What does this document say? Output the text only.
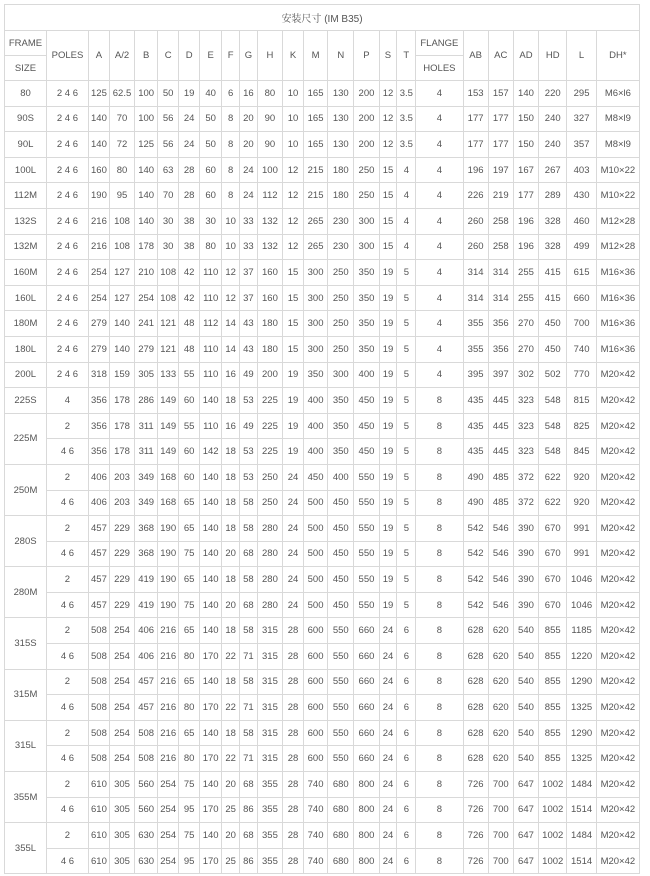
安装尺寸 (IM B35)																							
FRAME	POLES	A	A/2	B	C	D	E	F	G	H	K	M	N	P	S	T	FLANGE	AB	AC	AD	HD	L	DH*
SIZE																	HOLES						
80	2 4 6	125	62.5	100	50	19	40	6	16	80	10	165	130	200	12	3.5	4	153	157	140	220	295	M6×l6
90S	2 4 6	140	70	100	56	24	50	8	20	90	10	165	130	200	12	3.5	4	177	177	150	240	327	M8×l9
90L	2 4 6	140	72	125	56	24	50	8	20	90	10	165	130	200	12	3.5	4	177	177	150	240	357	M8×l9
100L	2 4 6	160	80	140	63	28	60	8	24	100	12	215	180	250	15	4	4	196	197	167	267	403	M10×22
112M	2 4 6	190	95	140	70	28	60	8	24	112	12	215	180	250	15	4	4	226	219	177	289	430	M10×22
132S	2 4 6	216	108	140	30	38	30	10	33	132	12	265	230	300	15	4	4	260	258	196	328	460	M12×28
132M	2 4 6	216	108	178	30	38	80	10	33	132	12	265	230	300	15	4	4	260	258	196	328	499	M12×28
160M	2 4 6	254	127	210	108	42	110	12	37	160	15	300	250	350	19	5	4	314	314	255	415	615	M16×36
160L	2 4 6	254	127	254	108	42	110	12	37	160	15	300	250	350	19	5	4	314	314	255	415	660	M16×36
180M	2 4 6	279	140	241	121	48	112	14	43	180	15	300	250	350	19	5	4	355	356	270	450	700	M16×36
180L	2 4 6	279	140	279	121	48	110	14	43	180	15	300	250	350	19	5	4	355	356	270	450	740	M16×36
200L	2 4 6	318	159	305	133	55	110	16	49	200	19	350	300	400	19	5	4	395	397	302	502	770	M20×42
225S	4	356	178	286	149	60	140	18	53	225	19	400	350	450	19	5	8	435	445	323	548	815	M20×42
225M	2	356	178	311	149	55	110	16	49	225	19	400	350	450	19	5	8	435	445	323	548	825	M20×42
	4 6	356	178	311	149	60	142	18	53	225	19	400	350	450	19	5	8	435	445	323	548	845	M20×42
250M	2	406	203	349	168	60	140	18	53	250	24	450	400	550	19	5	8	490	485	372	622	920	M20×42
	4 6	406	203	349	168	65	140	18	58	250	24	500	450	550	19	5	8	490	485	372	622	920	M20×42
280S	2	457	229	368	190	65	140	18	58	280	24	500	450	550	19	5	8	542	546	390	670	991	M20×42
	4 6	457	229	368	190	75	140	20	68	280	24	500	450	550	19	5	8	542	546	390	670	991	M20×42
280M	2	457	229	419	190	65	140	18	58	280	24	500	450	550	19	5	8	542	546	390	670	1046	M20×42
	4 6	457	229	419	190	75	140	20	68	280	24	500	450	550	19	5	8	542	546	390	670	1046	M20×42
315S	2	508	254	406	216	65	140	18	58	315	28	600	550	660	24	6	8	628	620	540	855	1185	M20×42
	4 6	508	254	406	216	80	170	22	71	315	28	600	550	660	24	6	8	628	620	540	855	1220	M20×42
315M	2	508	254	457	216	65	140	18	58	315	28	600	550	660	24	6	8	628	620	540	855	1290	M20×42
	4 6	508	254	457	216	80	170	22	71	315	28	600	550	660	24	6	8	628	620	540	855	1325	M20×42
315L	2	508	254	508	216	65	140	18	58	315	28	600	550	660	24	6	8	628	620	540	855	1290	M20×42
	4 6	508	254	508	216	80	170	22	71	315	28	600	550	660	24	6	8	628	620	540	855	1325	M20×42
355M	2	610	305	560	254	75	140	20	68	355	28	740	680	800	24	6	8	726	700	647	1002	1484	M20×42
	4 6	610	305	560	254	95	170	25	86	355	28	740	680	800	24	6	8	726	700	647	1002	1514	M20×42
355L	2	610	305	630	254	75	140	20	68	355	28	740	680	800	24	6	8	726	700	647	1002	1484	M20×42
	4 6	610	305	630	254	95	170	25	86	355	28	740	680	800	24	6	8	726	700	647	1002	1514	M20×42
